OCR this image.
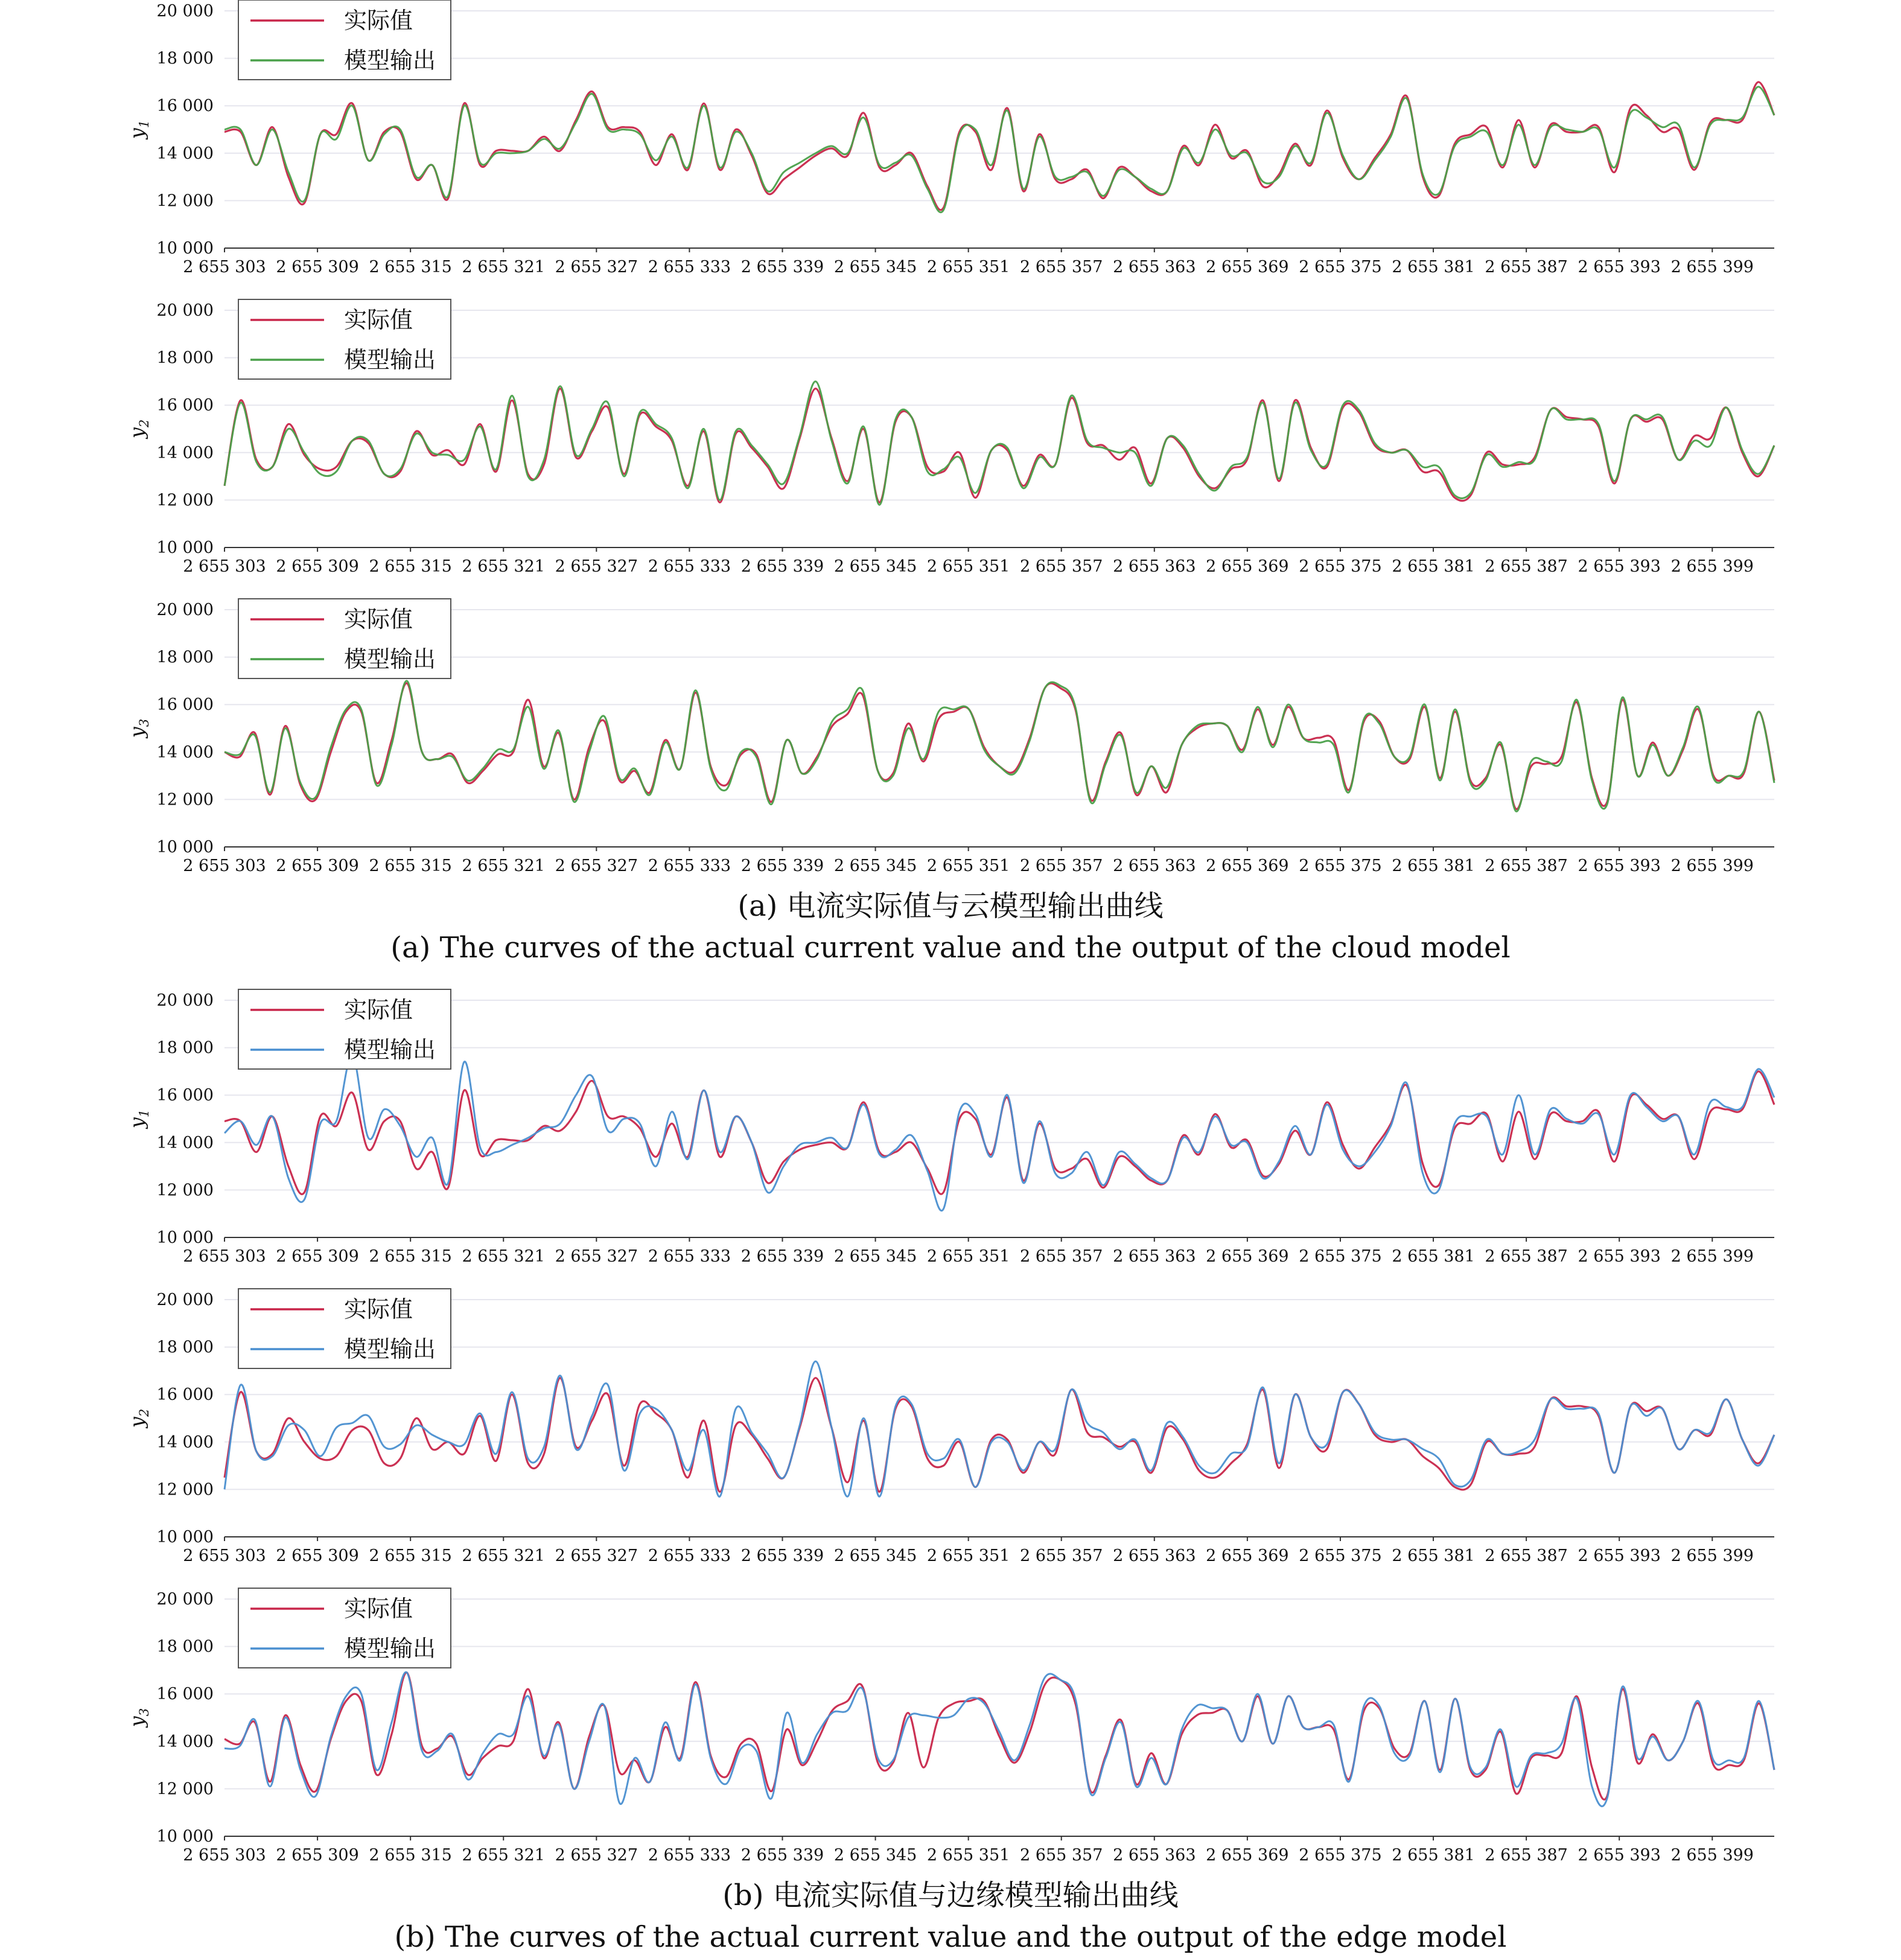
10 000
12 000
14 000
16 000
18 000
20 000
2 655 303 2 655 309 2 655 315 2 655 321 2 655 327 2 655 333 2 655 339 2 655 345 2 655 351 2 655 357 2 655 363 2 655 369 2 655 375 2 655 381 2 655 387 2 655 393 2 655 399
$y_1$
实际值
模型输出
10 000
12 000
14 000
16 000
18 000
20 000
2 655 303 2 655 309 2 655 315 2 655 321 2 655 327 2 655 333 2 655 339 2 655 345 2 655 351 2 655 357 2 655 363 2 655 369 2 655 375 2 655 381 2 655 387 2 655 393 2 655 399
$y_2$
实际值
模型输出
10 000
12 000
14 000
16 000
18 000
20 000
2 655 303 2 655 309 2 655 315 2 655 321 2 655 327 2 655 333 2 655 339 2 655 345 2 655 351 2 655 357 2 655 363 2 655 369 2 655 375 2 655 381 2 655 387 2 655 393 2 655 399
$y_3$
实际值
模型输出
10 000
12 000
14 000
16 000
18 000
20 000
2 655 303 2 655 309 2 655 315 2 655 321 2 655 327 2 655 333 2 655 339 2 655 345 2 655 351 2 655 357 2 655 363 2 655 369 2 655 375 2 655 381 2 655 387 2 655 393 2 655 399
$y_1$
实际值
模型输出
10 000
12 000
14 000
16 000
18 000
20 000
2 655 303 2 655 309 2 655 315 2 655 321 2 655 327 2 655 333 2 655 339 2 655 345 2 655 351 2 655 357 2 655 363 2 655 369 2 655 375 2 655 381 2 655 387 2 655 393 2 655 399
$y_2$
实际值
模型输出
10 000
12 000
14 000
16 000
18 000
20 000
2 655 303 2 655 309 2 655 315 2 655 321 2 655 327 2 655 333 2 655 339 2 655 345 2 655 351 2 655 357 2 655 363 2 655 369 2 655 375 2 655 381 2 655 387 2 655 393 2 655 399
$y_3$
实际值
模型输出
(a) 电流实际值与云模型输出曲线
(a) The curves of the actual current value and the output of the cloud model
(b) 电流实际值与边缘模型输出曲线
(b) The curves of the actual current value and the output of the edge model
